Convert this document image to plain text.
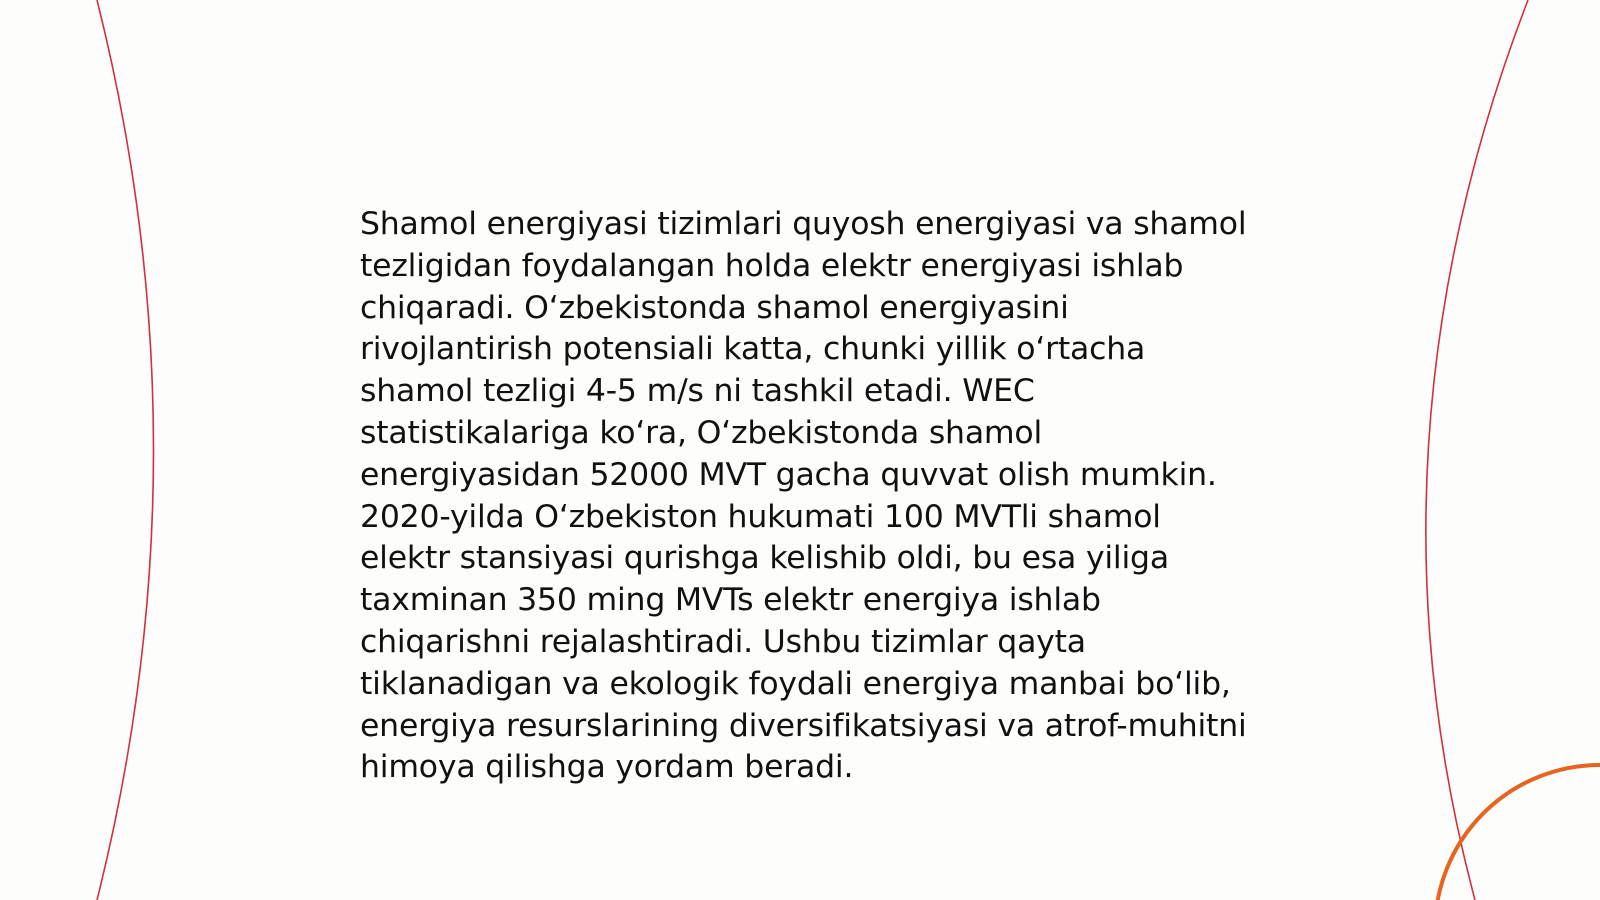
Shamol energiyasi tizimlari quyosh energiyasi va shamol tezligidan foydalangan holda elektr energiyasi ishlab chiqaradi. O‘zbekistonda shamol energiyasini rivojlantirish potensiali katta, chunki yillik o‘rtacha shamol tezligi 4-5 m/s ni tashkil etadi. WEC statistikalariga ko‘ra, O‘zbekistonda shamol energiyasidan 52000 MVT gacha quvvat olish mumkin. 2020-yilda O‘zbekiston hukumati 100 MVTli shamol elektr stansiyasi qurishga kelishib oldi, bu esa yiliga taxminan 350 ming MVTs elektr energiya ishlab chiqarishni rejalashtiradi. Ushbu tizimlar qayta tiklanadigan va ekologik foydali energiya manbai bo‘lib, energiya resurslarining diversifikatsiyasi va atrof-muhitni himoya qilishga yordam beradi.
